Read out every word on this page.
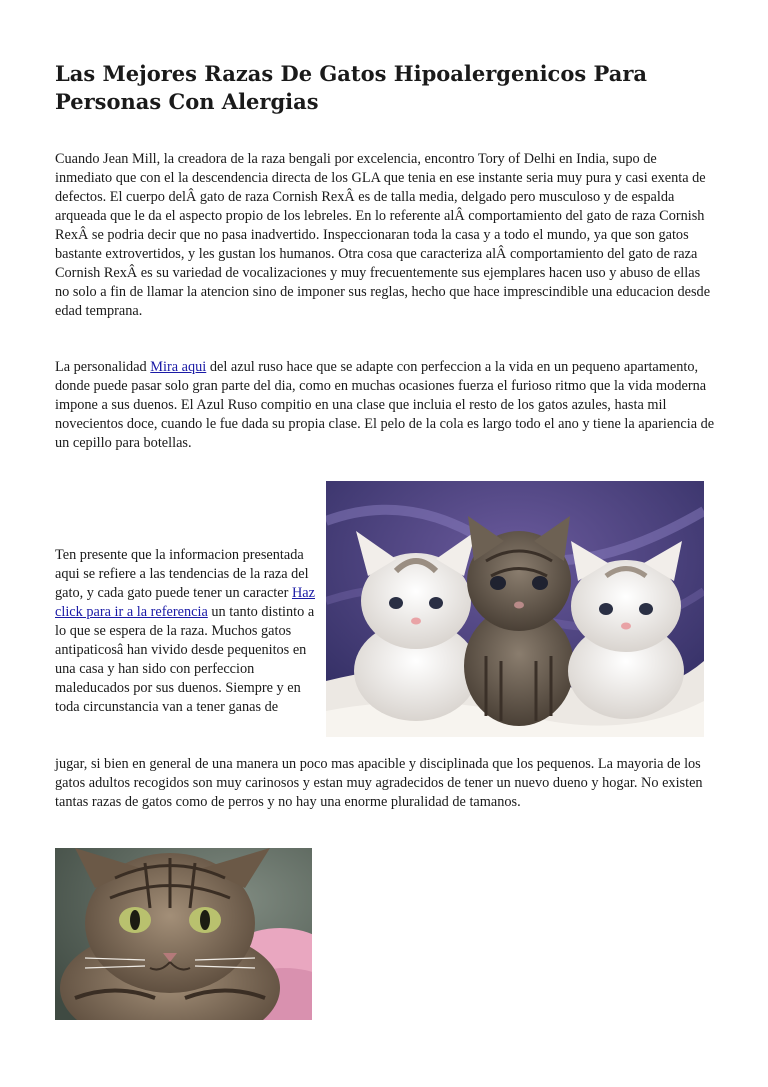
Las Mejores Razas De Gatos Hipoalergenicos Para Personas Con Alergias

Cuando Jean Mill, la creadora de la raza bengali por excelencia, encontro Tory of Delhi en India, supo de inmediato que con el la descendencia directa de los GLA que tenia en ese instante seria muy pura y casi exenta de defectos. El cuerpo delÂ gato de raza Cornish RexÂ es de talla media, delgado pero musculoso y de espalda arqueada que le da el aspecto propio de los lebreles. En lo referente alÂ comportamiento del gato de raza Cornish RexÂ se podria decir que no pasa inadvertido. Inspeccionaran toda la casa y a todo el mundo, ya que son gatos bastante extrovertidos, y les gustan los humanos. Otra cosa que caracteriza alÂ comportamiento del gato de raza Cornish RexÂ es su variedad de vocalizaciones y muy frecuentemente sus ejemplares hacen uso y abuso de ellas no solo a fin de llamar la atencion sino de imponer sus reglas, hecho que hace imprescindible una educacion desde edad temprana.

La personalidad Mira aqui del azul ruso hace que se adapte con perfeccion a la vida en un pequeno apartamento, donde puede pasar solo gran parte del dia, como en muchas ocasiones fuerza el furioso ritmo que la vida moderna impone a sus duenos. El Azul Ruso compitio en una clase que incluia el resto de los gatos azules, hasta mil novecientos doce, cuando le fue dada su propia clase. El pelo de la cola es largo todo el ano y tiene la apariencia de un cepillo para botellas.

Ten presente que la informacion presentada aqui se refiere a las tendencias de la raza del gato, y cada gato puede tener un caracter Haz click para ir a la referencia un tanto distinto a lo que se espera de la raza. Muchos gatos antipaticosâ han vivido desde pequenitos en una casa y han sido con perfeccion maleducados por sus duenos. Siempre y en toda circunstancia van a tener ganas de

jugar, si bien en general de una manera un poco mas apacible y disciplinada que los pequenos. La mayoria de los gatos adultos recogidos son muy carinosos y estan muy agradecidos de tener un nuevo dueno y hogar. No existen tantas razas de gatos como de perros y no hay una enorme pluralidad de tamanos.
